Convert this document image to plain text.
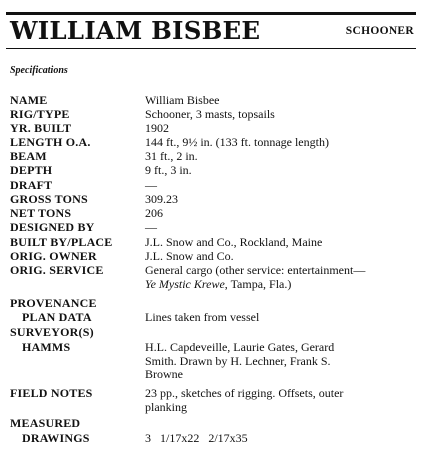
WILLIAM BISBEE	SCHOONER
Specifications
NAME	William Bisbee
RIG/TYPE	Schooner, 3 masts, topsails
YR. BUILT	1902
LENGTH O.A.	144 ft., 9½ in. (133 ft. tonnage length)
BEAM	31 ft., 2 in.
DEPTH	9 ft., 3 in.
DRAFT	—
GROSS TONS	309.23
NET TONS	206
DESIGNED BY	—
BUILT BY/PLACE	J.L. Snow and Co., Rockland, Maine
ORIG. OWNER	J.L. Snow and Co.
ORIG. SERVICE	General cargo (other service: entertainment—
Ye Mystic Krewe, Tampa, Fla.)
PROVENANCE
PLAN DATA	Lines taken from vessel
SURVEYOR(S)
HAMMS	H.L. Capdeveille, Laurie Gates, Gerard
Smith. Drawn by H. Lechner, Frank S.
Browne
FIELD NOTES	23 pp., sketches of rigging. Offsets, outer
planking
MEASURED
DRAWINGS	3   1/17x22   2/17x35
